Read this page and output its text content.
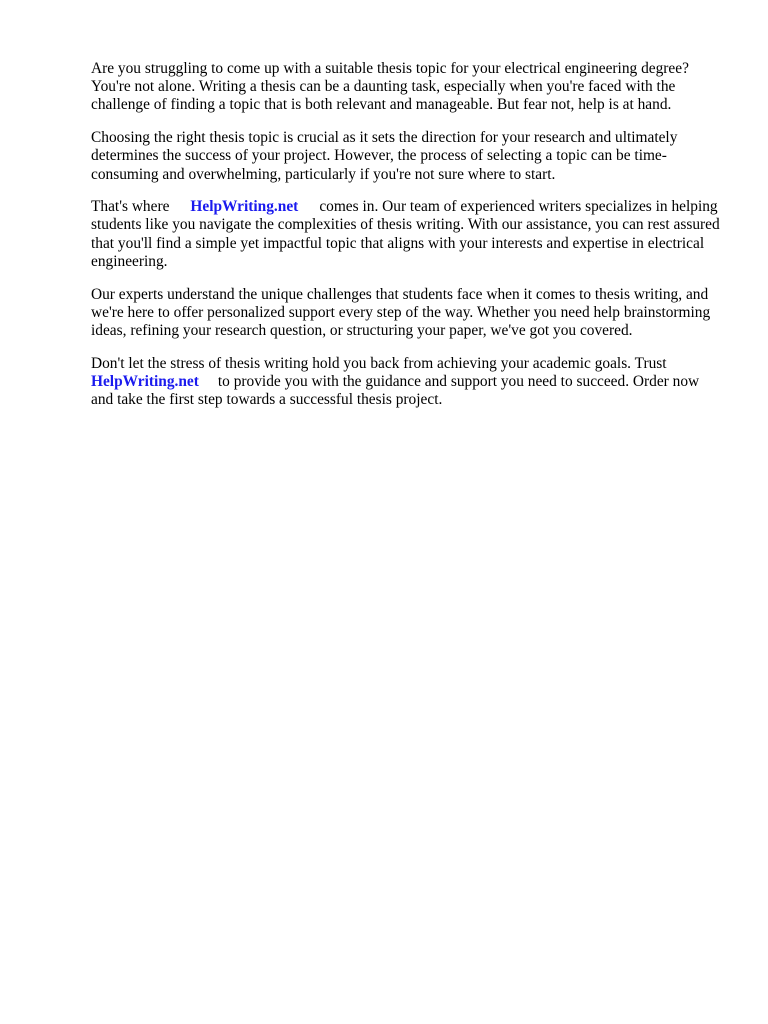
Are you struggling to come up with a suitable thesis topic for your electrical engineering degree? You're not alone. Writing a thesis can be a daunting task, especially when you're faced with the challenge of finding a topic that is both relevant and manageable. But fear not, help is at hand.

Choosing the right thesis topic is crucial as it sets the direction for your research and ultimately determines the success of your project. However, the process of selecting a topic can be time-consuming and overwhelming, particularly if you're not sure where to start.

That's where HelpWriting.net comes in. Our team of experienced writers specializes in helping students like you navigate the complexities of thesis writing. With our assistance, you can rest assured that you'll find a simple yet impactful topic that aligns with your interests and expertise in electrical engineering.

Our experts understand the unique challenges that students face when it comes to thesis writing, and we're here to offer personalized support every step of the way. Whether you need help brainstorming ideas, refining your research question, or structuring your paper, we've got you covered.

Don't let the stress of thesis writing hold you back from achieving your academic goals. Trust HelpWriting.net to provide you with the guidance and support you need to succeed. Order now and take the first step towards a successful thesis project.
